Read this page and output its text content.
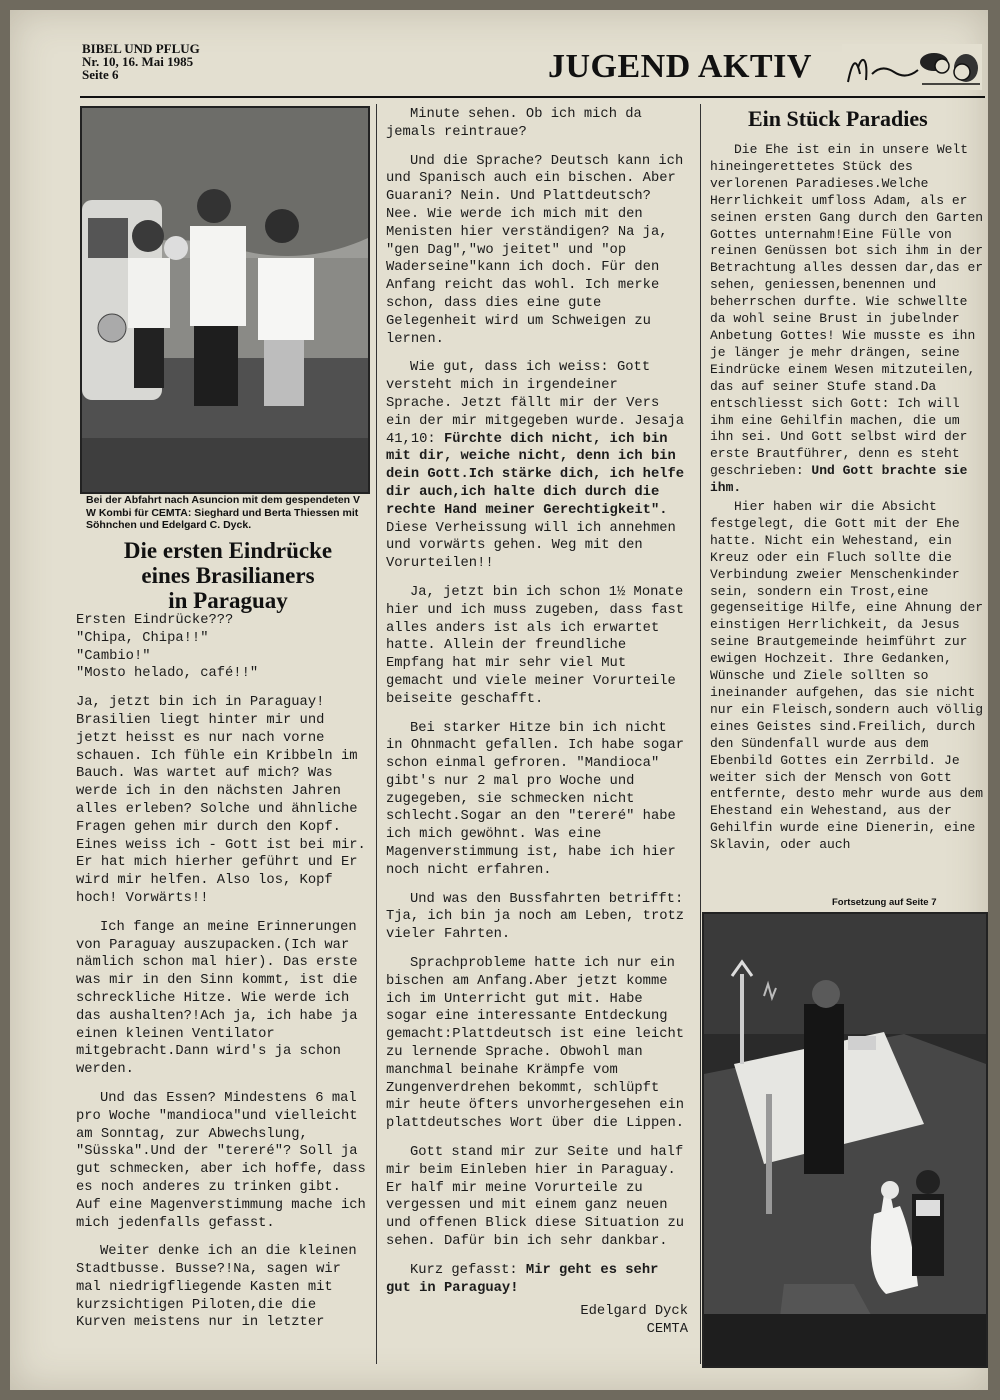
BIBEL UND PFLUG
Nr. 10, 16. Mai 1985
Seite 6	JUGEND AKTIV
Bei der Abfahrt nach Asuncion mit dem gespendeten V W Kombi für CEMTA: Sieghard und Berta Thiessen mit Söhnchen und Edelgard C. Dyck.
Die ersten Eindrücke
eines Brasilianers
in Paraguay

Ersten Eindrücke???
"Chipa, Chipa!!"
"Cambio!"
"Mosto helado, café!!"

Ja, jetzt bin ich in Paraguay! Brasilien liegt hinter mir und jetzt heisst es nur nach vorne schauen. Ich fühle ein Kribbeln im Bauch. Was wartet auf mich? Was werde ich in den nächsten Jahren alles erleben? Solche und ähnliche Fragen gehen mir durch den Kopf. Eines weiss ich - Gott ist bei mir. Er hat mich hierher geführt und Er wird mir helfen. Also los, Kopf hoch! Vorwärts!!

Ich fange an meine Erinnerungen von Paraguay auszupacken.(Ich war nämlich schon mal hier). Das erste was mir in den Sinn kommt, ist die schreckliche Hitze. Wie werde ich das aushalten?!Ach ja, ich habe ja einen kleinen Ventilator mitgebracht.Dann wird's ja schon werden.

Und das Essen? Mindestens 6 mal pro Woche "mandioca"und vielleicht am Sonntag, zur Abwechslung, "Süsska".Und der "tereré"? Soll ja gut schmecken, aber ich hoffe, dass es noch anderes zu trinken gibt. Auf eine Magenverstimmung mache ich mich jedenfalls gefasst.

Weiter denke ich an die kleinen Stadtbusse. Busse?!Na, sagen wir mal niedrigfliegende Kasten mit kurzsichtigen Piloten,die die Kurven meistens nur in letzter

Minute sehen. Ob ich mich da jemals reintraue?

Und die Sprache? Deutsch kann ich und Spanisch auch ein bischen. Aber Guarani? Nein. Und Plattdeutsch? Nee. Wie werde ich mich mit den Menisten hier verständigen? Na ja, "gen Dag","wo jeitet" und "op Waderseine"kann ich doch. Für den Anfang reicht das wohl. Ich merke schon, dass dies eine gute Gelegenheit wird um Schweigen zu lernen.

Wie gut, dass ich weiss: Gott versteht mich in irgendeiner Sprache. Jetzt fällt mir der Vers ein der mir mitgegeben wurde. Jesaja 41,10: Fürchte dich nicht, ich bin mit dir, weiche nicht, denn ich bin dein Gott.Ich stärke dich, ich helfe dir auch,ich halte dich durch die rechte Hand meiner Gerechtigkeit". Diese Verheissung will ich annehmen und vorwärts gehen. Weg mit den Vorurteilen!!

Ja, jetzt bin ich schon 1½ Monate hier und ich muss zugeben, dass fast alles anders ist als ich erwartet hatte. Allein der freundliche Empfang hat mir sehr viel Mut gemacht und viele meiner Vorurteile beiseite geschafft.

Bei starker Hitze bin ich nicht in Ohnmacht gefallen. Ich habe sogar schon einmal gefroren. "Mandioca" gibt's nur 2 mal pro Woche und zugegeben, sie schmecken nicht schlecht.Sogar an den "tereré" habe ich mich gewöhnt. Was eine Magenverstimmung ist, habe ich hier noch nicht erfahren.

Und was den Bussfahrten betrifft: Tja, ich bin ja noch am Leben, trotz vieler Fahrten.

Sprachprobleme hatte ich nur ein bischen am Anfang.Aber jetzt komme ich im Unterricht gut mit. Habe sogar eine interessante Entdeckung gemacht:Plattdeutsch ist eine leicht zu lernende Sprache. Obwohl man manchmal beinahe Krämpfe vom Zungenverdrehen bekommt, schlüpft mir heute öfters unvorhergesehen ein plattdeutsches Wort über die Lippen.

Gott stand mir zur Seite und half mir beim Einleben hier in Paraguay. Er half mir meine Vorurteile zu vergessen und mit einem ganz neuen und offenen Blick diese Situation zu sehen. Dafür bin ich sehr dankbar.

Kurz gefasst: Mir geht es sehr gut in Paraguay!

Edelgard Dyck

CEMTA

Ein Stück Paradies

Die Ehe ist ein in unsere Welt hineingerettetes Stück des verlorenen Paradieses.Welche Herrlichkeit umfloss Adam, als er seinen ersten Gang durch den Garten Gottes unternahm!Eine Fülle von reinen Genüssen bot sich ihm in der Betrachtung alles dessen dar,das er sehen, geniessen,benennen und beherrschen durfte. Wie schwellte da wohl seine Brust in jubelnder Anbetung Gottes! Wie musste es ihn je länger je mehr drängen, seine Eindrücke einem Wesen mitzuteilen, das auf seiner Stufe stand.Da entschliesst sich Gott: Ich will ihm eine Gehilfin machen, die um ihn sei. Und Gott selbst wird der erste Brautführer, denn es steht geschrieben: Und Gott brachte sie ihm.

Hier haben wir die Absicht festgelegt, die Gott mit der Ehe hatte. Nicht ein Wehestand, ein Kreuz oder ein Fluch sollte die Verbindung zweier Menschenkinder sein, sondern ein Trost,eine gegenseitige Hilfe, eine Ahnung der einstigen Herrlichkeit, da Jesus seine Brautgemeinde heimführt zur ewigen Hochzeit. Ihre Gedanken, Wünsche und Ziele sollten so ineinander aufgehen, das sie nicht nur ein Fleisch,sondern auch völlig eines Geistes sind.Freilich, durch den Sündenfall wurde aus dem Ebenbild Gottes ein Zerrbild. Je weiter sich der Mensch von Gott entfernte, desto mehr wurde aus dem Ehestand ein Wehestand, aus der Gehilfin wurde eine Dienerin, eine Sklavin, oder auch

Fortsetzung auf Seite 7
